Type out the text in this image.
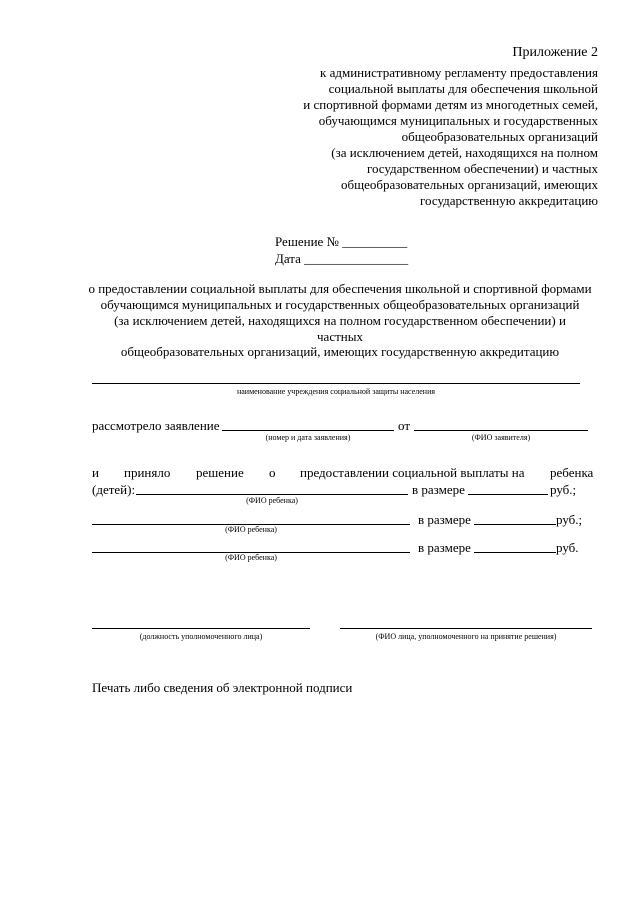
Приложение 2
к административному регламенту предоставления
социальной выплаты для обеспечения школьной
и спортивной формами детям из многодетных семей,
обучающимся муниципальных и государственных
общеобразовательных организаций
(за исключением детей, находящихся на полном
государственном обеспечении) и частных
общеобразовательных организаций, имеющих
государственную аккредитацию
Решение № __________
Дата ________________
о предоставлении социальной выплаты для обеспечения школьной и спортивной формами
обучающимся муниципальных и государственных общеобразовательных организаций
(за исключением детей, находящихся на полном государственном обеспечении) и
частных
общеобразовательных организаций, имеющих государственную аккредитацию
наименование учреждения социальной защиты населения
рассмотрело заявление	от
(номер и дата заявления)	(ФИО заявителя)
и приняло решение о предоставлении социальной выплаты на ребенка
(детей):	в размере	руб.;
(ФИО ребенка)
в размере	руб.;
(ФИО ребенка)
в размере	руб.
(ФИО ребенка)
(должность уполномоченного лица)	(ФИО лица, уполномоченного на принятие решения)
Печать либо сведения об электронной подписи
